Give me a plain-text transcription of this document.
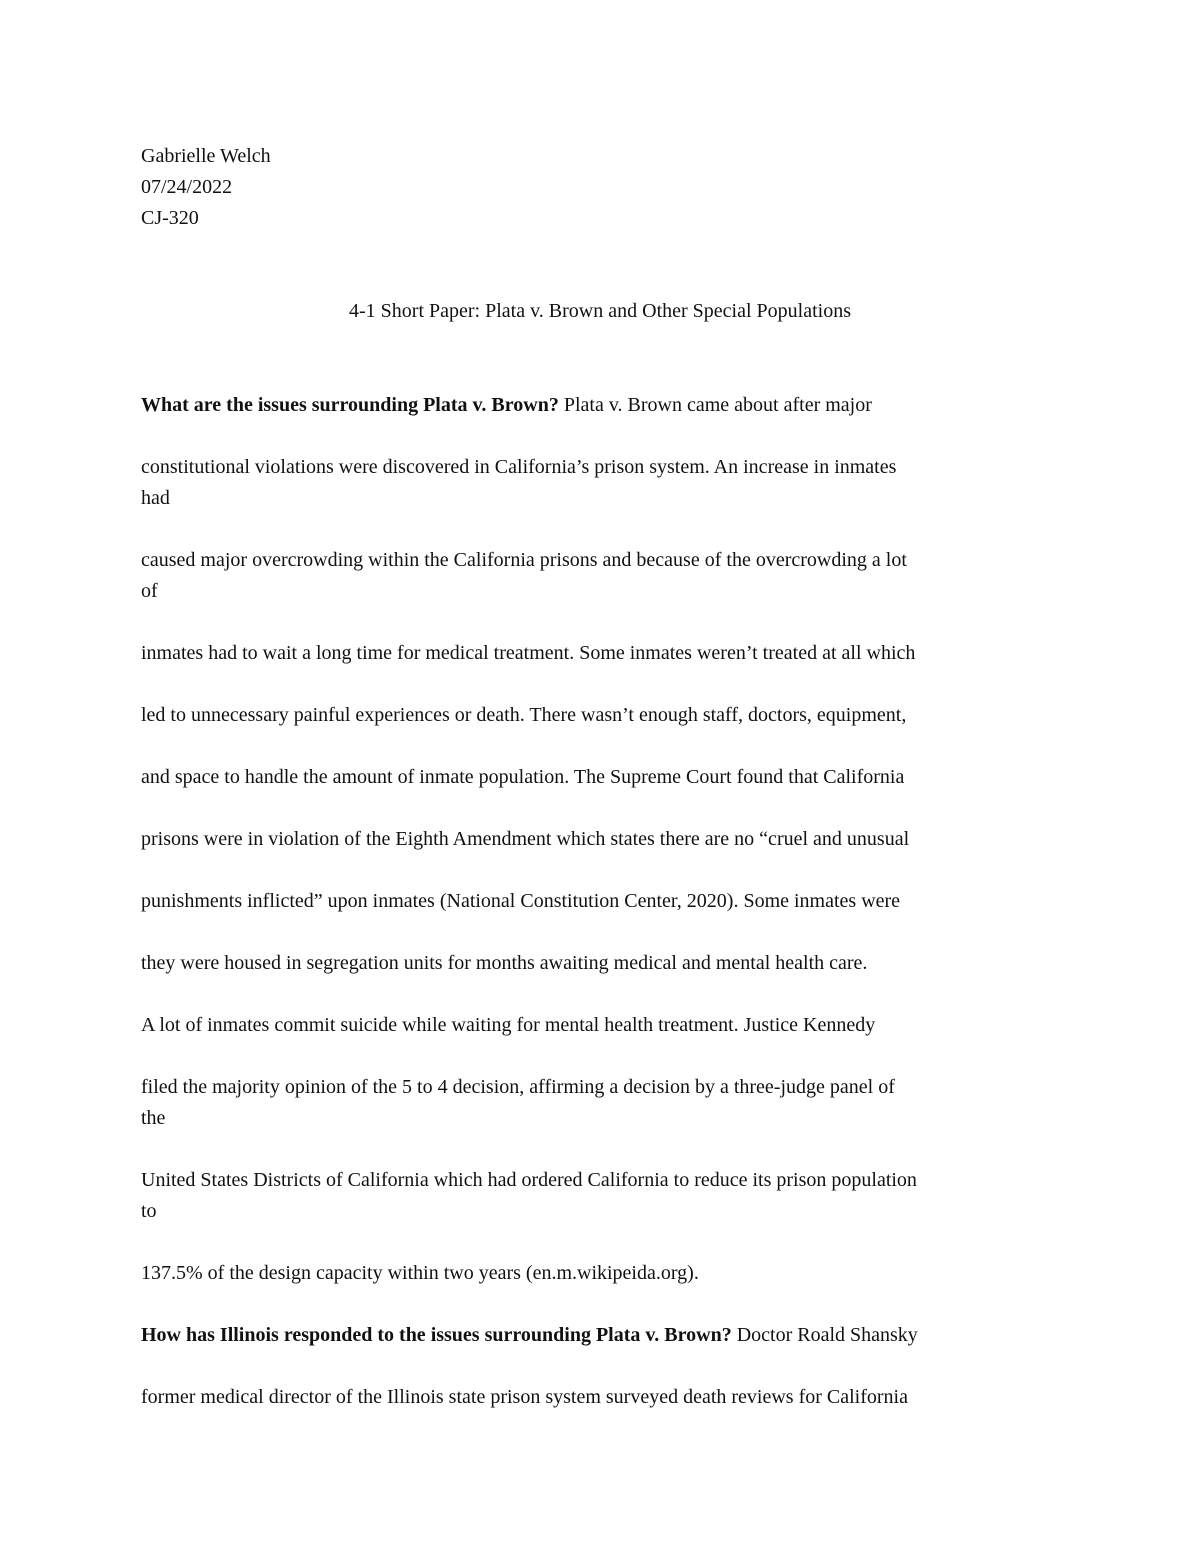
Gabrielle Welch
07/24/2022
CJ-320
4-1 Short Paper: Plata v. Brown and Other Special Populations
What are the issues surrounding Plata v. Brown? Plata v. Brown came about after major
constitutional violations were discovered in California’s prison system. An increase in inmates
had
caused major overcrowding within the California prisons and because of the overcrowding a lot
of
inmates had to wait a long time for medical treatment. Some inmates weren’t treated at all which
led to unnecessary painful experiences or death. There wasn’t enough staff, doctors, equipment,
and space to handle the amount of inmate population. The Supreme Court found that California
prisons were in violation of the Eighth Amendment which states there are no “cruel and unusual
punishments inflicted” upon inmates (National Constitution Center, 2020). Some inmates were
they were housed in segregation units for months awaiting medical and mental health care.
A lot of inmates commit suicide while waiting for mental health treatment. Justice Kennedy
filed the majority opinion of the 5 to 4 decision, affirming a decision by a three-judge panel of
the
United States Districts of California which had ordered California to reduce its prison population
to
137.5% of the design capacity within two years (en.m.wikipeida.org).
How has Illinois responded to the issues surrounding Plata v. Brown? Doctor Roald Shansky
former medical director of the Illinois state prison system surveyed death reviews for California
